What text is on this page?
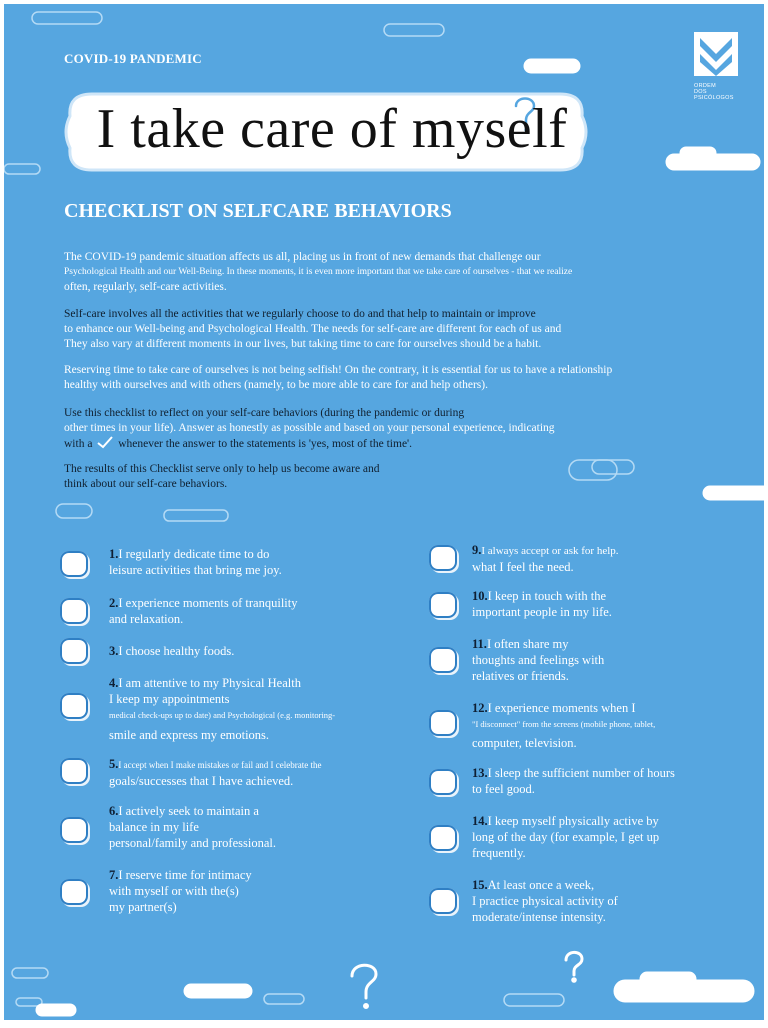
COVID-19 PANDEMIC
ORDEM
DOS
PSICÓLOGOS
I take care of myself
CHECKLIST ON SELFCARE BEHAVIORS
The COVID-19 pandemic situation affects us all, placing us in front of new demands that challenge our
Psychological Health and our Well-Being. In these moments, it is even more important that we take care of ourselves - that we realize
often, regularly, self-care activities.
Self-care involves all the activities that we regularly choose to do and that help to maintain or improve
to enhance our Well-being and Psychological Health. The needs for self-care are different for each of us and
They also vary at different moments in our lives, but taking time to care for ourselves should be a habit.
Reserving time to take care of ourselves is not being selfish! On the contrary, it is essential for us to have a relationship
healthy with ourselves and with others (namely, to be more able to care for and help others).
Use this checklist to reflect on your self-care behaviors (during the pandemic or during
other times in your life). Answer as honestly as possible and based on your personal experience, indicating
with a whenever the answer to the statements is 'yes, most of the time'.
The results of this Checklist serve only to help us become aware and
think about our self-care behaviors.
1.I regularly dedicate time to do
leisure activities that bring me joy.
2.I experience moments of tranquility
and relaxation.
3.I choose healthy foods.
4.I am attentive to my Physical Health
I keep my appointments
medical check-ups up to date) and Psychological (e.g. monitoring-
smile and express my emotions.
5.I accept when I make mistakes or fail and I celebrate the
goals/successes that I have achieved.
6.I actively seek to maintain a
balance in my life
personal/family and professional.
7.I reserve time for intimacy
with myself or with the(s)
my partner(s)
9.I always accept or ask for help.
what I feel the need.
10.I keep in touch with the
important people in my life.
11.I often share my
thoughts and feelings with
relatives or friends.
12.I experience moments when I
"I disconnect" from the screens (mobile phone, tablet,
computer, television.
13.I sleep the sufficient number of hours
to feel good.
14.I keep myself physically active by
long of the day (for example, I get up
frequently.
15.At least once a week,
I practice physical activity of
moderate/intense intensity.
